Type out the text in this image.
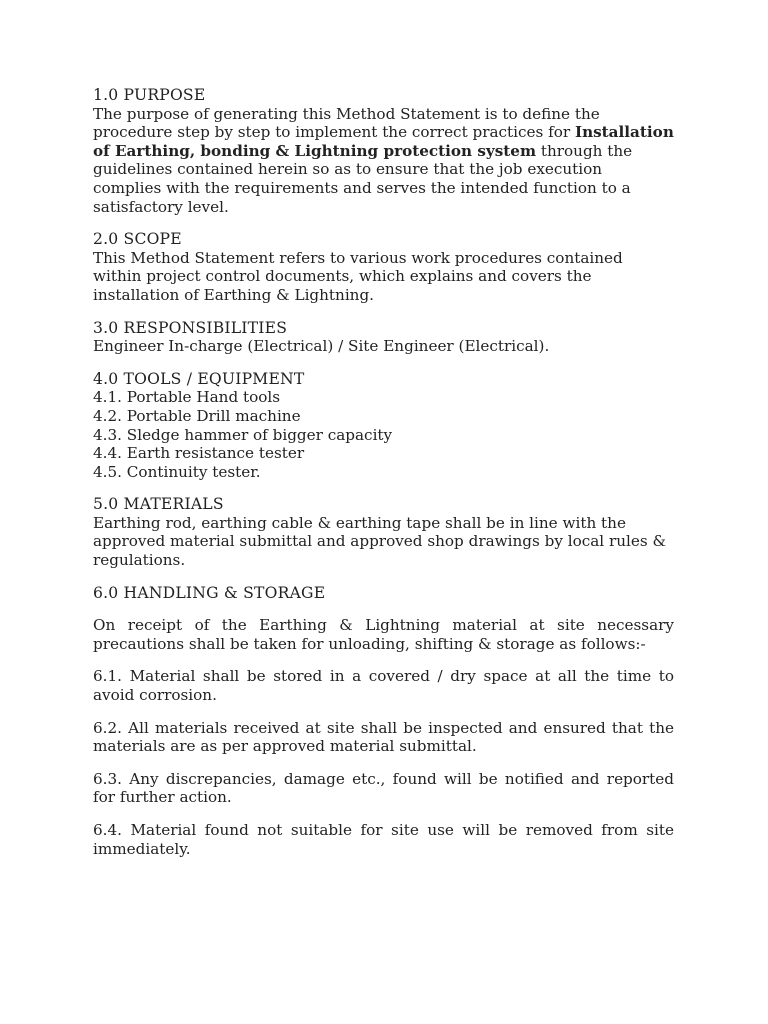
1.0 PURPOSE

The purpose of generating this Method Statement is to define the procedure step by step to implement the correct practices for Installation of Earthing, bonding & Lightning protection system through the guidelines contained herein so as to ensure that the job execution complies with the requirements and serves the intended function to a satisfactory level.

2.0 SCOPE

This Method Statement refers to various work procedures contained within project control documents, which explains and covers the installation of Earthing & Lightning.

3.0 RESPONSIBILITIES

Engineer In-charge (Electrical) / Site Engineer (Electrical).

4.0 TOOLS / EQUIPMENT
4.1. Portable Hand tools
4.2. Portable Drill machine
4.3. Sledge hammer of bigger capacity
4.4. Earth resistance tester
4.5. Continuity tester.
5.0 MATERIALS

Earthing rod, earthing cable & earthing tape shall be in line with the approved material submittal and approved shop drawings by local rules & regulations.

6.0 HANDLING & STORAGE

On receipt of the Earthing & Lightning material at site necessary precautions shall be taken for unloading, shifting & storage as follows:-

6.1. Material shall be stored in a covered / dry space at all the time to avoid corrosion.

6.2. All materials received at site shall be inspected and ensured that the materials are as per approved material submittal.

6.3. Any discrepancies, damage etc., found will be notified and reported for further action.

6.4. Material found not suitable for site use will be removed from site immediately.
